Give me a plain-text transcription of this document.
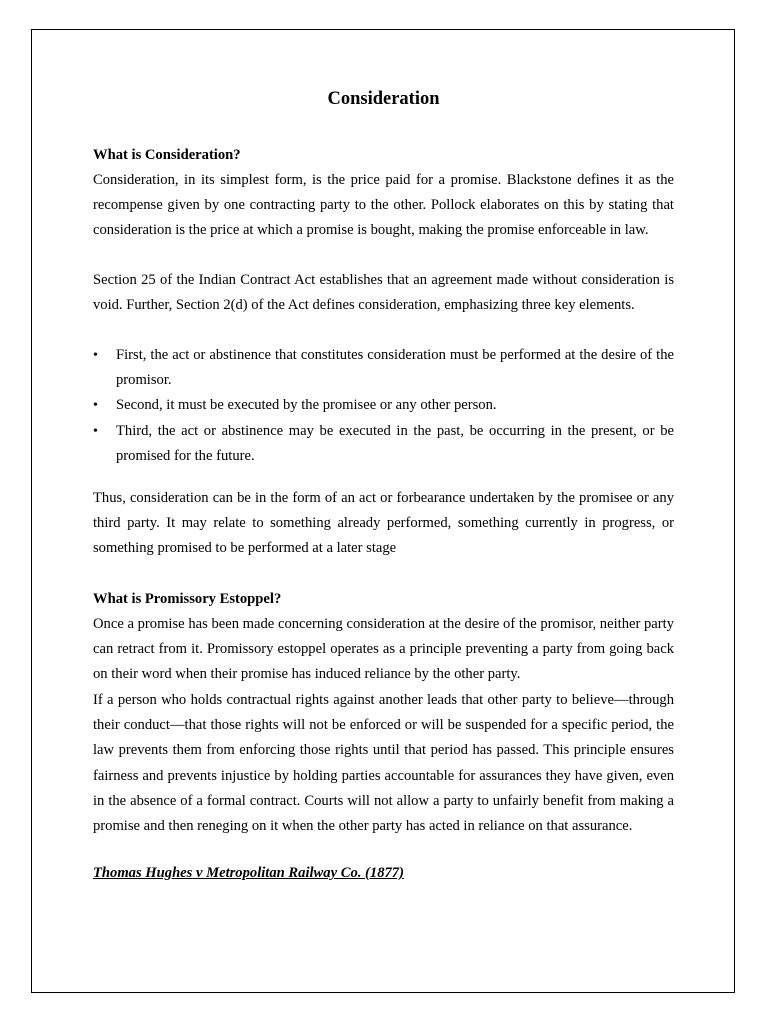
Consideration

What is Consideration?

Consideration, in its simplest form, is the price paid for a promise. Blackstone defines it as the recompense given by one contracting party to the other. Pollock elaborates on this by stating that consideration is the price at which a promise is bought, making the promise enforceable in law.

Section 25 of the Indian Contract Act establishes that an agreement made without consideration is void. Further, Section 2(d) of the Act defines consideration, emphasizing three key elements.

•	First, the act or abstinence that constitutes consideration must be performed at the desire of the promisor.
•	Second, it must be executed by the promisee or any other person.
•	Third, the act or abstinence may be executed in the past, be occurring in the present, or be promised for the future.

Thus, consideration can be in the form of an act or forbearance undertaken by the promisee or any third party. It may relate to something already performed, something currently in progress, or something promised to be performed at a later stage

What is Promissory Estoppel?

Once a promise has been made concerning consideration at the desire of the promisor, neither party can retract from it. Promissory estoppel operates as a principle preventing a party from going back on their word when their promise has induced reliance by the other party.

If a person who holds contractual rights against another leads that other party to believe—through their conduct—that those rights will not be enforced or will be suspended for a specific period, the law prevents them from enforcing those rights until that period has passed. This principle ensures fairness and prevents injustice by holding parties accountable for assurances they have given, even in the absence of a formal contract. Courts will not allow a party to unfairly benefit from making a promise and then reneging on it when the other party has acted in reliance on that assurance.

Thomas Hughes v Metropolitan Railway Co. (1877)
